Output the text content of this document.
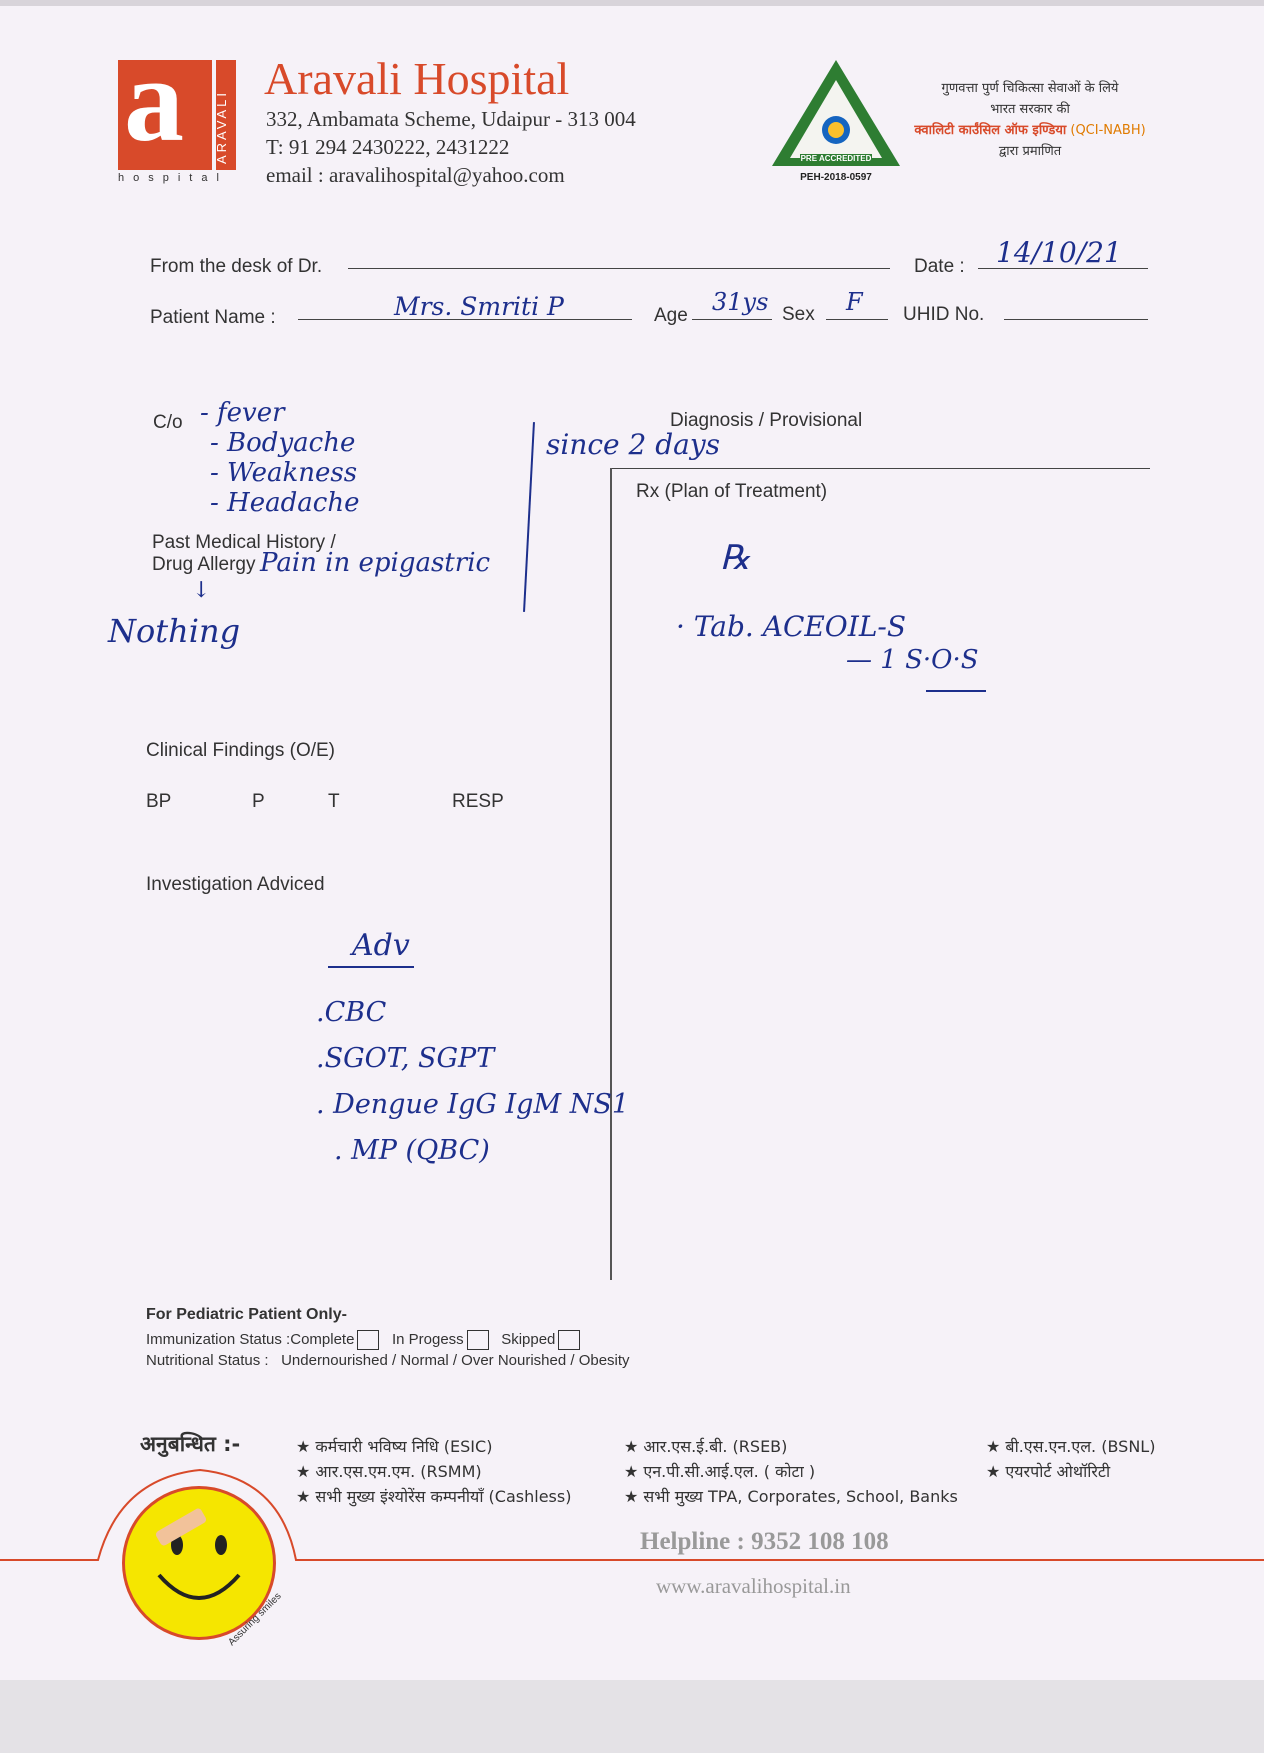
a ARAVALI
hospital
Aravali Hospital
332, Ambamata Scheme, Udaipur - 313 004
T: 91 294 2430222, 2431222
email : aravalihospital@yahoo.com
PRE ACCREDITED
PEH-2018-0597
गुणवत्ता पुर्ण चिकित्सा सेवाओं के लिये
भारत सरकार की
क्वालिटी कार्उंसिल ऑफ इण्डिया (QCI-NABH)
द्वारा प्रमाणित
From the desk of Dr.	Date : 14/10/21
Patient Name :	Mrs. Smriti P	Age 31ys Sex F UHID No.
C/o - fever
- Bodyache
- Weakness
- Headache
since 2 days
Diagnosis / Provisional
Rx (Plan of Treatment)
℞
· Tab. ACEOIL-S
— 1 S·O·S
Past Medical History /
Drug Allergy Pain in epigastric
↓
Nothing
Clinical Findings (O/E)
BP	P	T	RESP
Investigation Adviced
Adv
.CBC
.SGOT, SGPT
. Dengue IgG IgM NS1
. MP (QBC)
For Pediatric Patient Only-
Immunization Status :Complete	In Progess	Skipped
Nutritional Status : Undernourished / Normal / Over Nourished / Obesity
अनुबन्धित :-	★ कर्मचारी भविष्य निधि (ESIC)
★ आर.एस.एम.एम. (RSMM)
★ सभी मुख्य इंश्योरेंस कम्पनीयाँ (Cashless)
★ आर.एस.ई.बी. (RSEB)
★ एन.पी.सी.आई.एल. ( कोटा )
★ सभी मुख्य TPA, Corporates, School, Banks
★ बी.एस.एन.एल. (BSNL)
★ एयरपोर्ट ओथॉरिटी
Helpline : 9352 108 108
Assuring smiles
www.aravalihospital.in
